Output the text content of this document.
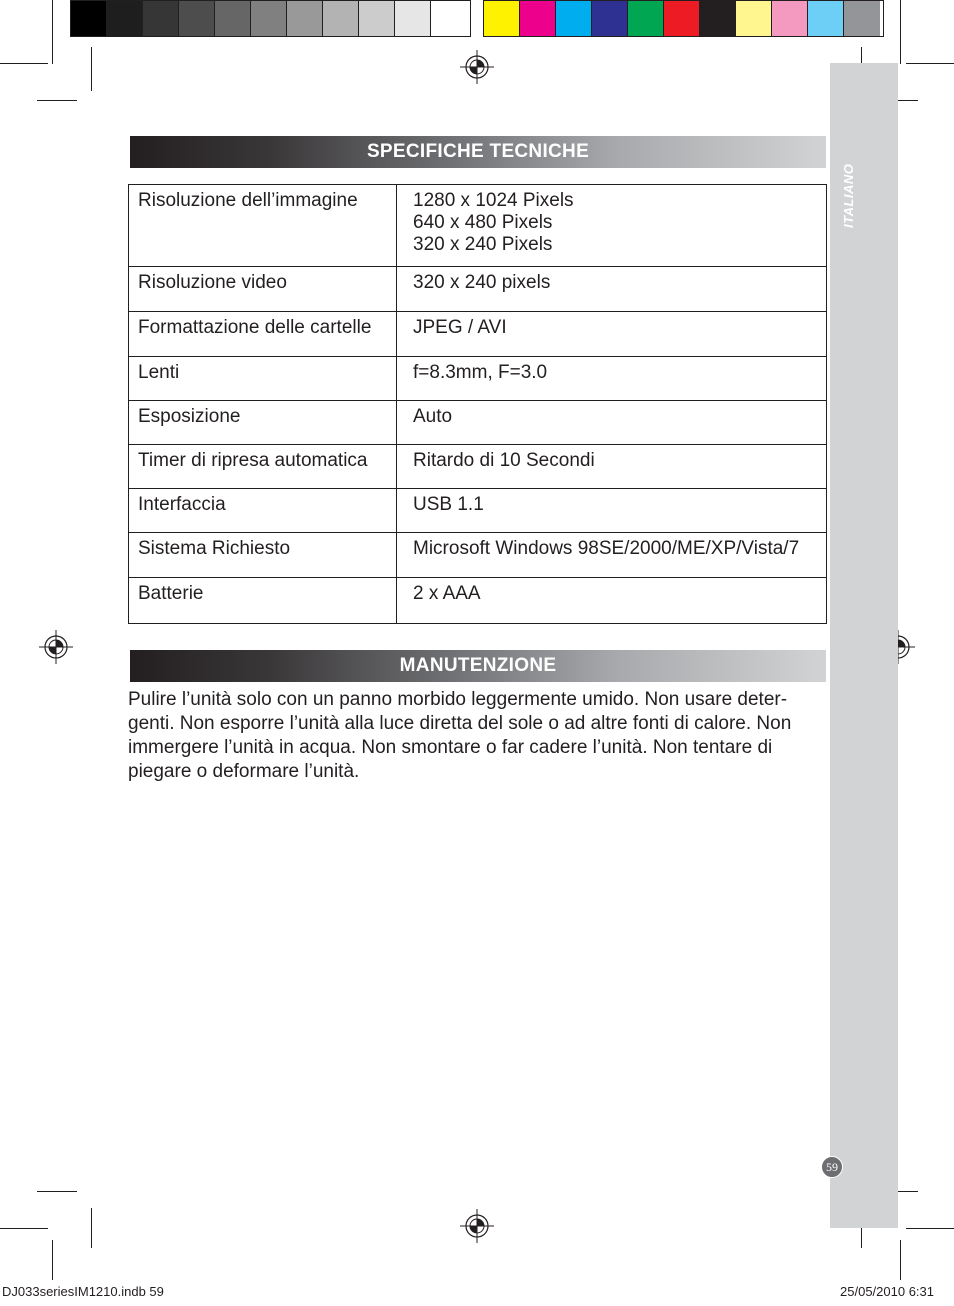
ITALIANO
SPECIFICHE TECNICHE
Risoluzione dell’immagine	1280 x 1024 Pixels
640 x 480 Pixels
320 x 240 Pixels

Risoluzione video	320 x 240 pixels

Formattazione delle cartelle	JPEG / AVI

Lenti	f=8.3mm, F=3.0

Esposizione	Auto

Timer di ripresa automatica	Ritardo di 10 Secondi

Interfaccia	USB 1.1

Sistema Richiesto	Microsoft Windows 98SE/2000/ME/XP/Vista/7

Batterie	2 x AAA
MANUTENZIONE

Pulire l’unità solo con un panno morbido leggermente umido. Non usare deter-genti. Non esporre l’unità alla luce diretta del sole o ad altre fonti di calore. Non immergere l’unità in acqua. Non smontare o far cadere l’unità. Non tentare di piegare o deformare l’unità.

59
DJ033seriesIM1210.indb 59	25/05/2010 6:31
